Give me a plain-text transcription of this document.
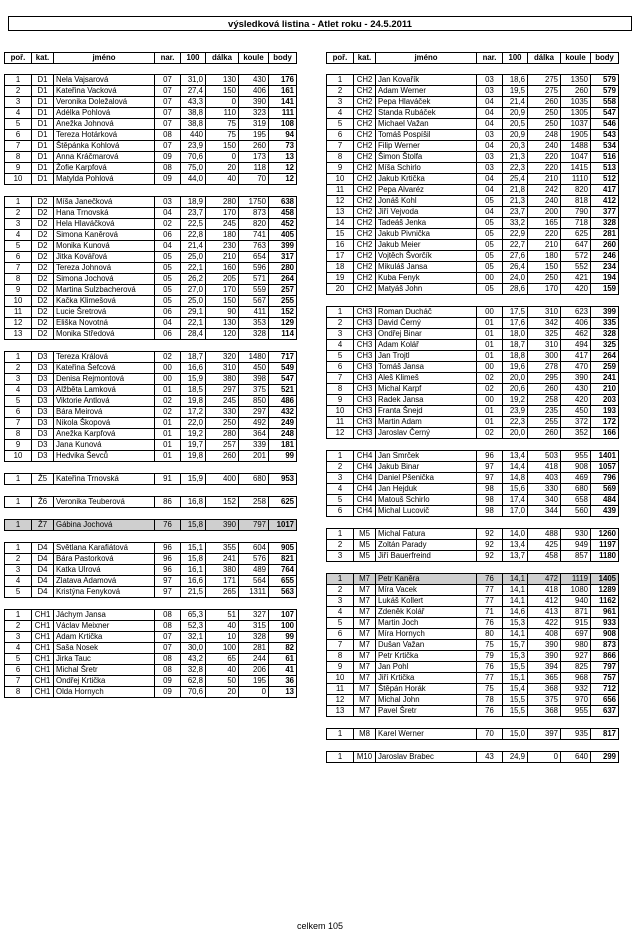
výsledková listina - Atlet roku - 24.5.2011
poř.	kat.	jméno	nar.	100	dálka	koule	body

1	D1	Nela Vajsarová	07	31,0	130	430	176
2	D1	Kateřina Vacková	07	27,4	150	406	161
3	D1	Veronika Doležalová	07	43,3	0	390	141
4	D1	Adélka Pohlová	07	38,8	110	323	111
5	D1	Anežka Johnová	07	38,8	75	319	108
6	D1	Tereza Hotárková	08	440	75	195	94
7	D1	Štěpánka Kohlová	07	23,9	150	260	73
8	D1	Anna Kráčmarová	09	70,6	0	173	13
9	D1	Žofie Karpfová	08	75,0	20	118	12
10	D1	Matylda Pohlová	09	44,0	40	70	12

1	D2	Míša Janečková	03	18,9	280	1750	638
2	D2	Hana Trnovská	04	23,7	170	873	458
3	D2	Hela Hlaváčková	02	22,5	245	820	452
4	D2	Simona Kaněrová	06	22,8	180	741	405
5	D2	Monika Kunová	04	21,4	230	763	399
6	D2	Jitka Kovářová	05	25,0	210	654	317
7	D2	Tereza Johnová	05	22,1	160	596	280
8	D2	Simona Jochová	05	26,2	205	571	264
9	D2	Martina Sulzbacherová	05	27,0	170	559	257
10	D2	Kačka Klimešová	05	25,0	150	567	255
11	D2	Lucie Šretrová	06	29,1	90	411	152
12	D2	Eliška Novotná	04	22,1	130	353	129
13	D2	Monika Středová	06	28,4	120	328	114

1	D3	Tereza Králová	02	18,7	320	1480	717
2	D3	Kateřina Šefcová	00	16,6	310	450	549
3	D3	Denisa Rejmontová	00	15,9	380	398	547
4	D3	Alžběta Lamková	01	18,5	297	375	521
5	D3	Viktorie Antlová	02	19,8	245	850	486
6	D3	Bára Meirová	02	17,2	330	297	432
7	D3	Nikola Škopová	01	22,0	250	492	249
8	D3	Anežka Karpfová	01	19,2	280	364	248
9	D3	Jana Kunová	01	19,7	257	339	181
10	D3	Hedvika Ševců	01	19,8	260	201	99

1	Ž5	Kateřina Trnovská	91	15,9	400	680	953

1	Ž6	Veronika Teuberová	86	16,8	152	258	625

1	Ž7	Gábina Jochová	76	15,8	390	797	1017

1	D4	Světlana Karafiátová	96	15,1	355	604	905
2	D4	Bára Pastorková	96	15,8	241	576	821
3	D4	Katka Ulrová	96	16,1	380	489	764
4	D4	Zlatava Adamová	97	16,6	171	564	655
5	D4	Kristýna Fenyková	97	21,5	265	1311	563

1	CH1	Jáchym Jansa	08	65,3	51	327	107
2	CH1	Václav Meixner	08	52,3	40	315	100
3	CH1	Adam Krtička	07	32,1	10	328	99
4	CH1	Saša Nosek	07	30,0	100	281	82
5	CH1	Jirka Tauc	08	43,2	65	244	61
6	CH1	Michal Šretr	08	32,8	40	206	41
7	CH1	Ondřej Krtička	09	62,8	50	195	36
8	CH1	Olda Hornych	09	70,6	20	0	13
poř.	kat.	jméno	nar.	100	dálka	koule	body

1	CH2	Jan Kovařík	03	18,6	275	1350	579
2	CH2	Adam Werner	03	19,5	275	260	579
3	CH2	Pepa Hlaváček	04	21,4	260	1035	558
4	CH2	Standa Rubáček	04	20,9	250	1305	547
5	CH2	Michael Važan	04	20,5	250	1037	546
6	CH2	Tomáš Pospíšil	03	20,9	248	1905	543
7	CH2	Filip Werner	04	20,3	240	1488	534
8	CH2	Šimon Štolfa	03	21,3	220	1047	516
9	CH2	Míša Schirlo	03	22,3	220	1415	513
10	CH2	Jakub Krtička	04	25,4	210	1110	512
11	CH2	Pepa Alvaréz	04	21,8	242	820	417
12	CH2	Jonáš Kohl	05	21,3	240	818	412
13	CH2	Jiří Vejvoda	04	23,7	200	790	377
14	CH2	Tadeáš Jenka	05	33,2	165	718	328
15	CH2	Jakub Pivnička	05	22,9	220	625	281
16	CH2	Jakub Meier	05	22,7	210	647	260
17	CH2	Vojtěch Švorčík	05	27,6	180	572	246
18	CH2	Mikuláš Jansa	05	26,4	150	552	234
19	CH2	Kuba Fenyk	00	24,0	250	421	194
20	CH2	Matyáš John	05	28,6	170	420	159

1	CH3	Roman Ducháč	00	17,5	310	623	399
2	CH3	David Černý	01	17,6	342	406	335
3	CH3	Ondřej Binar	01	18,0	325	462	328
4	CH3	Adam Kolář	01	18,7	310	494	325
5	CH3	Jan Trojtl	01	18,8	300	417	264
6	CH3	Tomáš Jansa	00	19,6	278	470	259
7	CH3	Aleš Klimeš	02	20,0	295	390	241
8	CH3	Michal Karpf	02	20,6	260	430	210
9	CH3	Radek Jansa	00	19,2	258	420	203
10	CH3	Franta Šnejd	01	23,9	235	450	193
11	CH3	Martin Adam	01	22,3	255	372	172
12	CH3	Jaroslav Černý	02	20,0	260	352	166

1	CH4	Jan Smrček	96	13,4	503	955	1401
2	CH4	Jakub Binar	97	14,4	418	908	1057
3	CH4	Daniel Pšenička	97	14,8	403	469	796
4	CH4	Jan Hejduk	98	15,6	330	680	569
5	CH4	Matouš Schirlo	98	17,4	340	658	484
6	CH4	Michal Lucovič	98	17,0	344	560	439

1	M5	Michal Fatura	92	14,0	488	930	1260
2	M5	Zoltán Parady	92	13,4	425	949	1197
3	M5	Jiří Bauerfreind	92	13,7	458	857	1180

1	M7	Petr Kaněra	76	14,1	472	1119	1405
2	M7	Míra Vacek	77	14,1	418	1080	1289
3	M7	Lukáš Kollert	77	14,1	412	940	1162
4	M7	Zdeněk Kolář	71	14,6	413	871	961
5	M7	Martin Joch	76	15,3	422	915	933
6	M7	Míra Hornych	80	14,1	408	697	908
7	M7	Dušan Važan	75	15,7	390	980	873
8	M7	Petr Krtička	79	15,3	390	927	866
9	M7	Jan Pohl	76	15,5	394	825	797
10	M7	Jiří Krtička	77	15,1	365	968	757
11	M7	Štěpán Horák	75	15,4	368	932	712
12	M7	Michal John	78	15,5	375	970	656
13	M7	Pavel Šretr	76	15,5	368	955	637

1	M8	Karel Werner	70	15,0	397	935	817

1	M10	Jaroslav Brabec	43	24,9	0	640	299
celkem 105
